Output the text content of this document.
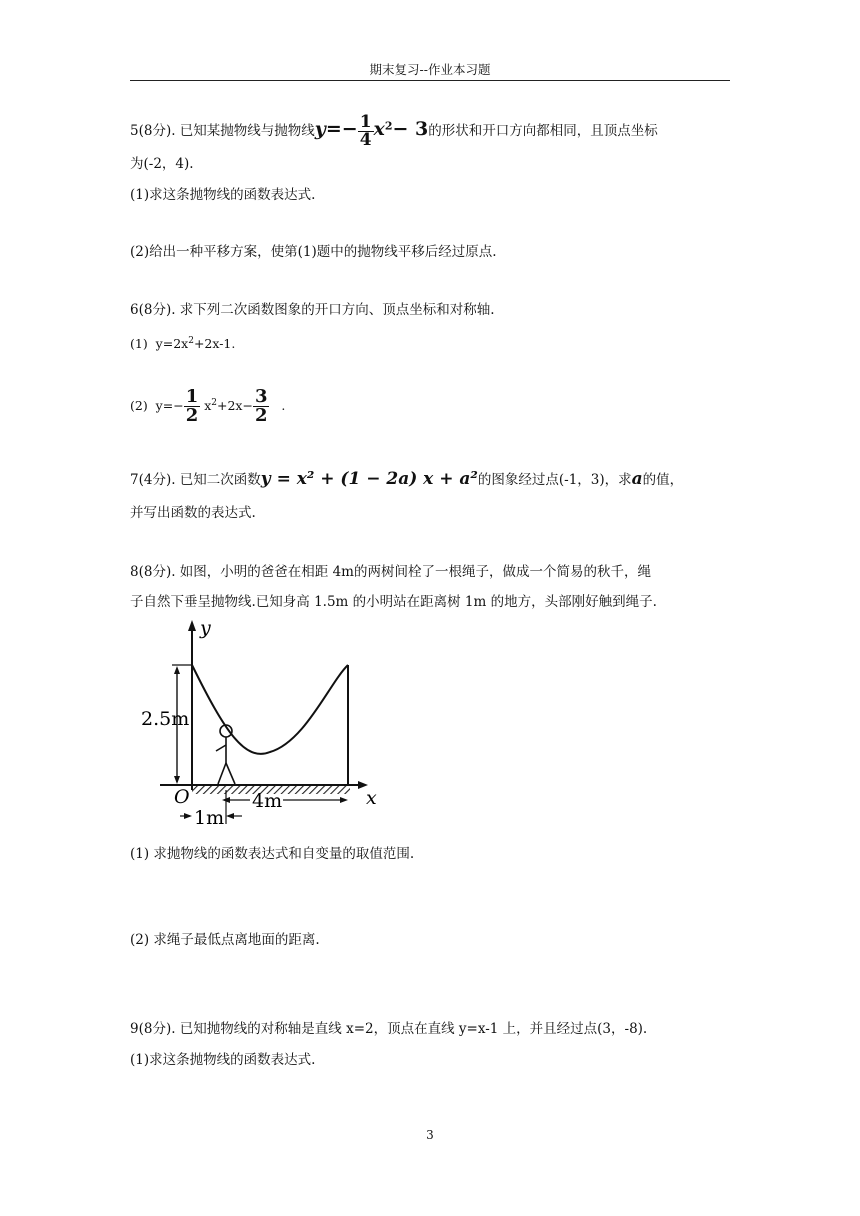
期末复习--作业本习题
5(8分). 已知某抛物线与抛物线$y=- \frac{1}{4} x^2- 3$的形状和开口方向都相同，且顶点坐标
为(-2，4).
(1)求这条抛物线的函数表达式.
(2)给出一种平移方案，使第(1)题中的抛物线平移后经过原点.
6(8分). 求下列二次函数图象的开口方向、顶点坐标和对称轴.
(1) $y=2x^2+2x-1$.
(2) $y=- \frac{1}{2} x^2+2x- \frac{3}{2}$ .
7(4分). 已知二次函数y = x² + (1 − 2a) x + a²的图象经过点(-1，3)，求a的值，
并写出函数的表达式.
8(8分). 如图，小明的爸爸在相距 4m的两树间栓了一根绳子，做成一个简易的秋千，绳
子自然下垂呈抛物线.已知身高 1.5m 的小明站在距离树 1m 的地方，头部刚好触到绳子.
2.5m
y
x
O	4m
1m
(1) 求抛物线的函数表达式和自变量的取值范围.
(2) 求绳子最低点离地面的距离.
9(8分). 已知抛物线的对称轴是直线 x=2，顶点在直线 y=x-1 上，并且经过点(3，-8).
(1)求这条抛物线的函数表达式.
3
